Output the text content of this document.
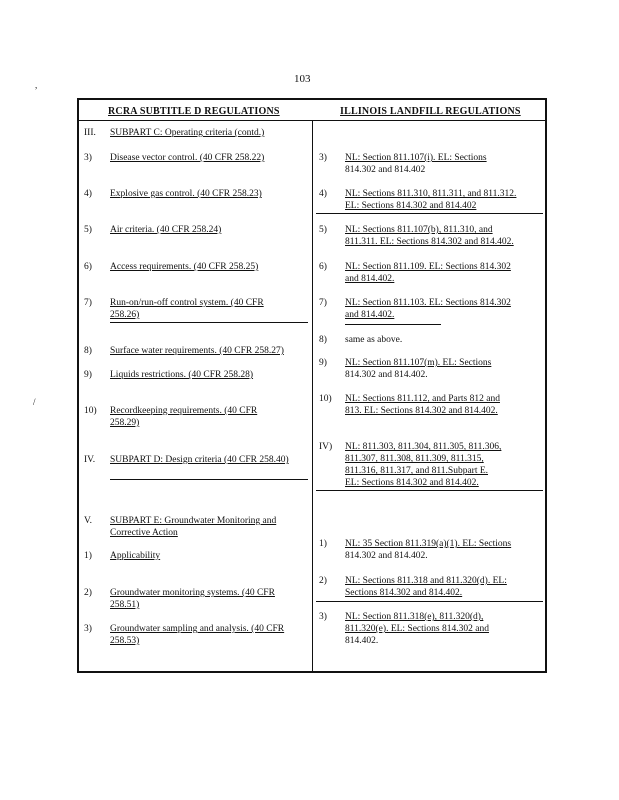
103
,
/
RCRA SUBTITLE D REGULATIONS	ILLINOIS LANDFILL REGULATIONS
III. SUBPART C: Operating criteria (contd.)
3) Disease vector control. (40 CFR 258.22)
4) Explosive gas control. (40 CFR 258.23)
5) Air criteria. (40 CFR 258.24)
6) Access requirements. (40 CFR 258.25)
7) Run-on/run-off control system. (40 CFR 258.26)
8) Surface water requirements. (40 CFR 258.27)
9) Liquids restrictions. (40 CFR 258.28)
10) Recordkeeping requirements. (40 CFR 258.29)
IV. SUBPART D: Design criteria (40 CFR 258.40)
V. SUBPART E: Groundwater Monitoring and Corrective Action
1) Applicability
2) Groundwater monitoring systems. (40 CFR 258.51)
3) Groundwater sampling and analysis. (40 CFR 258.53)
3) NL: Section 811.107(i). EL: Sections
814.302 and 814.402
4) NL: Sections 811.310, 811.311, and 811.312.
EL: Sections 814.302 and 814.402
5) NL: Sections 811.107(b), 811.310, and
811.311. EL: Sections 814.302 and 814.402.
6) NL: Section 811.109. EL: Sections 814.302
and 814.402.
7) NL: Section 811.103. EL: Sections 814.302
and 814.402.
8) same as above.
9) NL: Section 811.107(m). EL: Sections
814.302 and 814.402.
10) NL: Sections 811.112, and Parts 812 and
813. EL: Sections 814.302 and 814.402.
IV) NL: 811.303, 811.304, 811.305, 811.306,
811.307, 811.308, 811.309, 811.315,
811.316, 811.317, and 811.Subpart E.
EL: Sections 814.302 and 814.402.
1) NL: 35 Section 811.319(a)(1). EL: Sections
814.302 and 814.402.
2) NL: Sections 811.318 and 811.320(d). EL:
Sections 814.302 and 814.402.
3) NL: Section 811.318(e), 811.320(d),
811.320(e). EL: Sections 814.302 and
814.402.
